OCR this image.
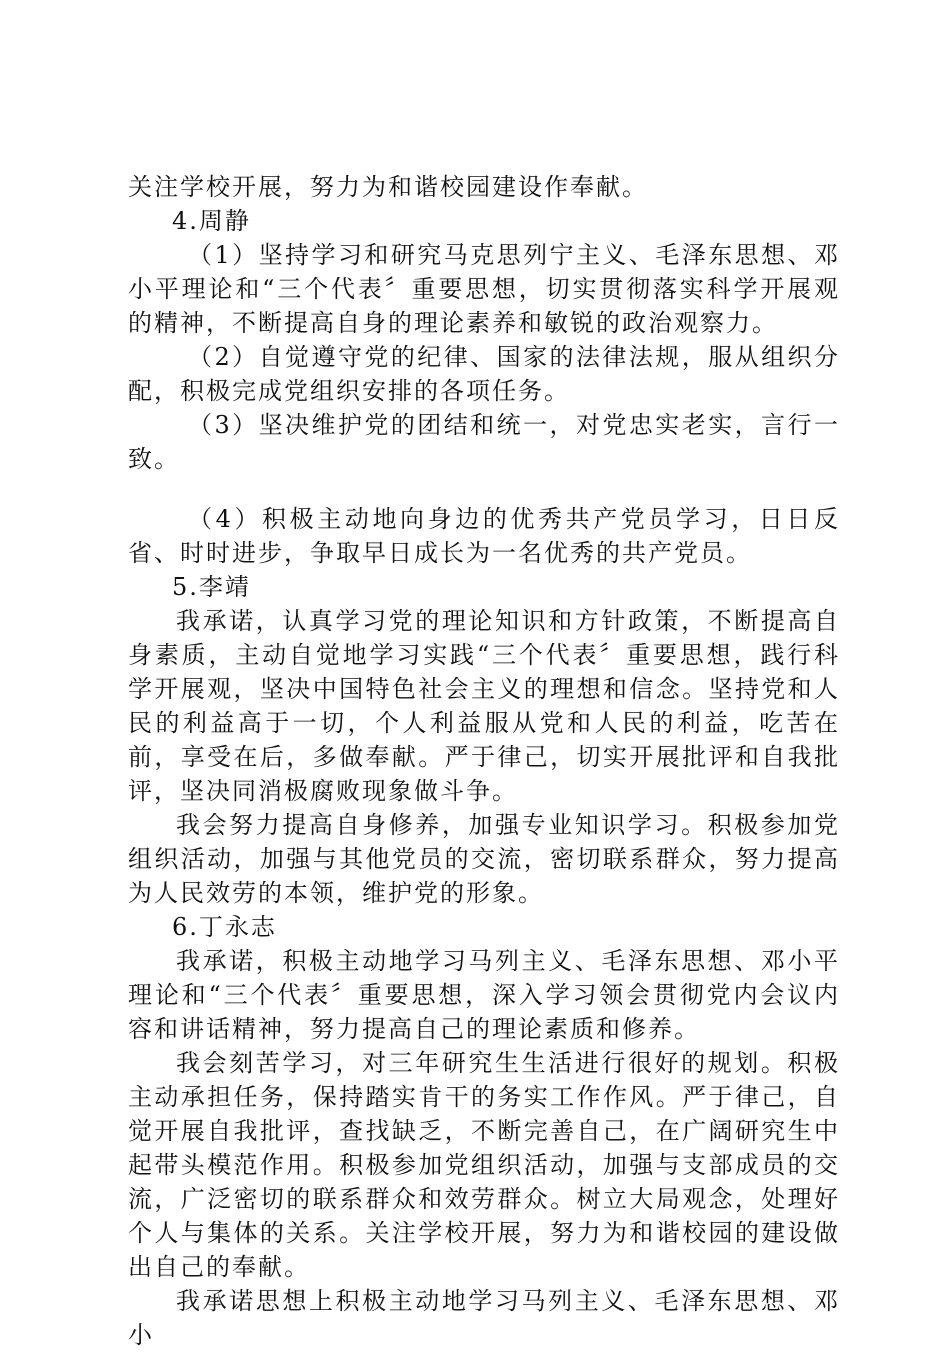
关注学校开展，努力为和谐校园建设作奉献。

4.周静

（1）坚持学习和研究马克思列宁主义、毛泽东思想、邓小平理论和“三个代表〞重要思想，切实贯彻落实科学开展观的精神，不断提高自身的理论素养和敏锐的政治观察力。

（2）自觉遵守党的纪律、国家的法律法规，服从组织分配，积极完成党组织安排的各项任务。

（3）坚决维护党的团结和统一，对党忠实老实，言行一致。

（4）积极主动地向身边的优秀共产党员学习，日日反省、时时进步，争取早日成长为一名优秀的共产党员。

5.李靖

我承诺，认真学习党的理论知识和方针政策，不断提高自身素质，主动自觉地学习实践“三个代表〞重要思想，践行科学开展观，坚决中国特色社会主义的理想和信念。坚持党和人民的利益高于一切，个人利益服从党和人民的利益，吃苦在前，享受在后，多做奉献。严于律己，切实开展批评和自我批评，坚决同消极腐败现象做斗争。

我会努力提高自身修养，加强专业知识学习。积极参加党组织活动，加强与其他党员的交流，密切联系群众，努力提高为人民效劳的本领，维护党的形象。

6.丁永志

我承诺，积极主动地学习马列主义、毛泽东思想、邓小平理论和“三个代表〞重要思想，深入学习领会贯彻党内会议内容和讲话精神，努力提高自己的理论素质和修养。

我会刻苦学习，对三年研究生生活进行很好的规划。积极主动承担任务，保持踏实肯干的务实工作作风。严于律己，自觉开展自我批评，查找缺乏，不断完善自己，在广阔研究生中起带头模范作用。积极参加党组织活动，加强与支部成员的交流，广泛密切的联系群众和效劳群众。树立大局观念，处理好个人与集体的关系。关注学校开展，努力为和谐校园的建设做出自己的奉献。

我承诺思想上积极主动地学习马列主义、毛泽东思想、邓小
